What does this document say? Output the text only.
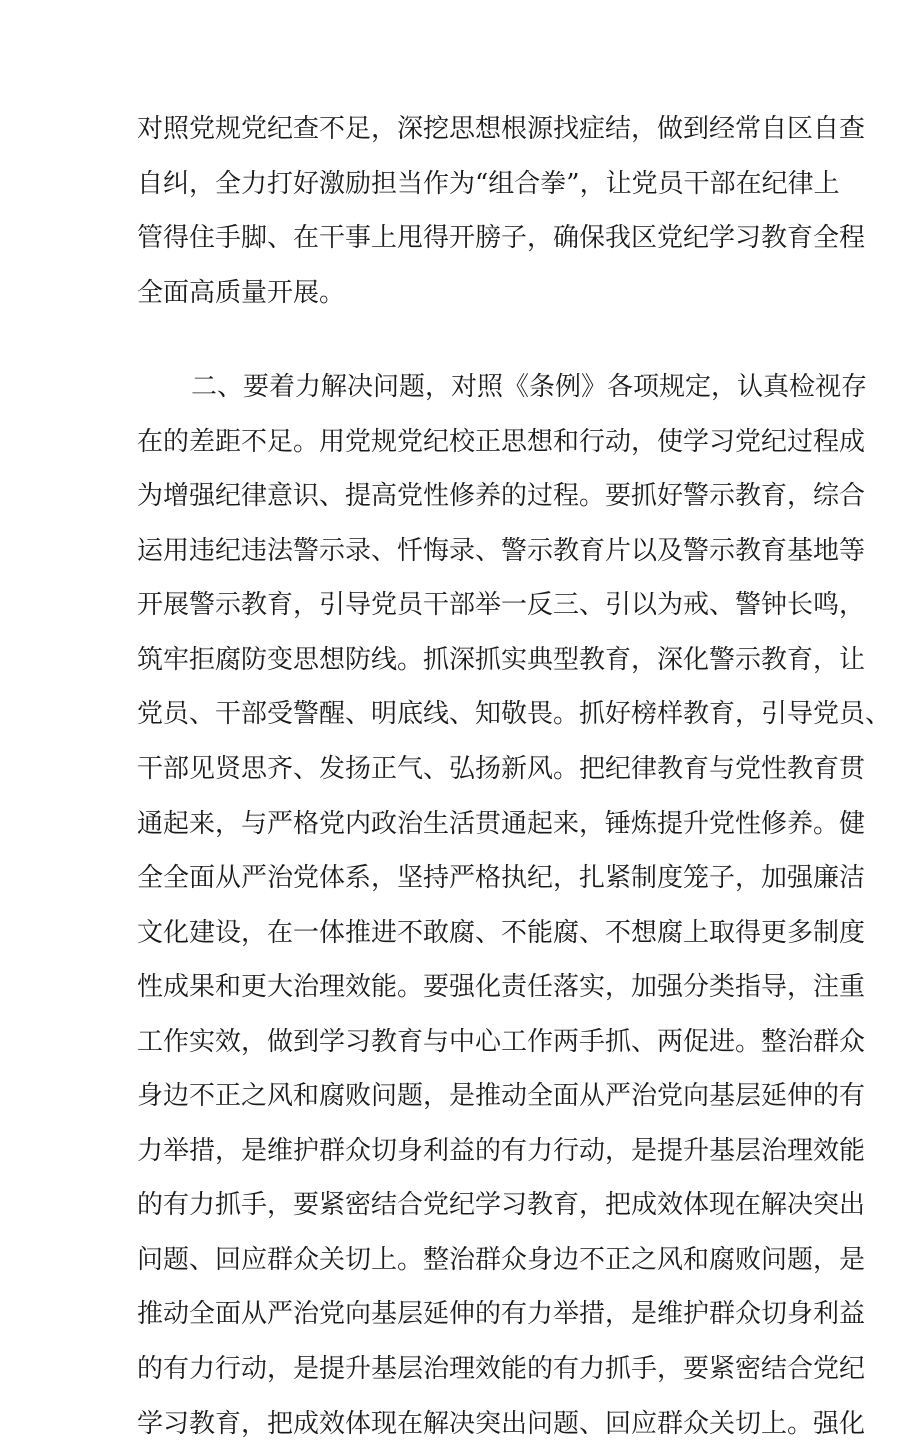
对照党规党纪查不足，深挖思想根源找症结，做到经常自区自查
自纠，全力打好激励担当作为“组合拳”，让党员干部在纪律上
管得住手脚、在干事上甩得开膀子，确保我区党纪学习教育全程
全面高质量开展。
二、要着力解决问题，对照《条例》各项规定，认真检视存
在的差距不足。用党规党纪校正思想和行动，使学习党纪过程成
为增强纪律意识、提高党性修养的过程。要抓好警示教育，综合
运用违纪违法警示录、忏悔录、警示教育片以及警示教育基地等
开展警示教育，引导党员干部举一反三、引以为戒、警钟长鸣，
筑牢拒腐防变思想防线。抓深抓实典型教育，深化警示教育，让
党员、干部受警醒、明底线、知敬畏。抓好榜样教育，引导党员、
干部见贤思齐、发扬正气、弘扬新风。把纪律教育与党性教育贯
通起来，与严格党内政治生活贯通起来，锤炼提升党性修养。健
全全面从严治党体系，坚持严格执纪，扎紧制度笼子，加强廉洁
文化建设，在一体推进不敢腐、不能腐、不想腐上取得更多制度
性成果和更大治理效能。要强化责任落实，加强分类指导，注重
工作实效，做到学习教育与中心工作两手抓、两促进。整治群众
身边不正之风和腐败问题，是推动全面从严治党向基层延伸的有
力举措，是维护群众切身利益的有力行动，是提升基层治理效能
的有力抓手，要紧密结合党纪学习教育，把成效体现在解决突出
问题、回应群众关切上。整治群众身边不正之风和腐败问题，是
推动全面从严治党向基层延伸的有力举措，是维护群众切身利益
的有力行动，是提升基层治理效能的有力抓手，要紧密结合党纪
学习教育，把成效体现在解决突出问题、回应群众关切上。强化
